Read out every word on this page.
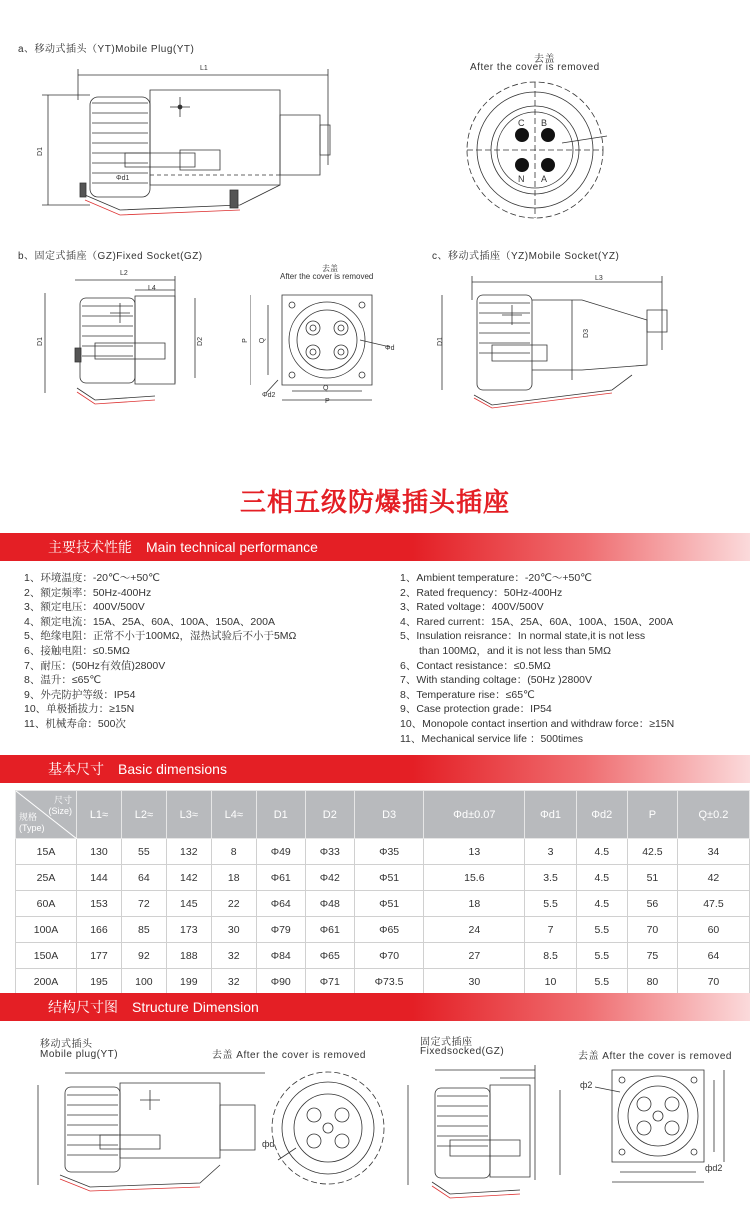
a、移动式插头（YT)Mobile Plug(YT)
L1
D1
Φd1
去盖
After the cover is removed
C B
N A
b、固定式插座（GZ)Fixed Socket(GZ)	c、移动式插座（YZ)Mobile Socket(YZ)
L2
L4
D1	D2
去盖
After the cover is removed
P Q
P
Q
Φd2
Φd
L3
D1
D3
三相五级防爆插头插座
主要技术性能 Main technical performance
1、环境温度：-20℃～+50℃
2、额定频率：50Hz-400Hz
3、额定电压：400V/500V
4、额定电流：15A、25A、60A、100A、150A、200A
5、绝缘电阻：正常不小于100MΩ，湿热试验后不小于5MΩ
6、接触电阻：≤0.5MΩ
7、耐压：(50Hz有效值)2800V
8、温升：≤65℃
9、外壳防护等级：IP54
10、单极插拔力：≥15N
11、机械寿命：500次
1、Ambient temperature：-20℃～+50℃
2、Rated frequency：50Hz-400Hz
3、Rated voltage：400V/500V
4、Rared current：15A、25A、60A、100A、150A、200A
5、Insulation reisrance：In normal state,it is not less
than 100MΩ，and it is not less than 5MΩ
6、Contact resistance：≤0.5MΩ
7、With standing coltage：(50Hz )2800V
8、Temperature rise：≤65℃
9、Case protection grade：IP54
10、Monopole contact insertion and withdraw force：≥15N
11、Mechanical service life ：500times
基本尺寸 Basic dimensions
尺寸
(Size)
规格
(Type)	L1≈	L2≈	L3≈	L4≈	D1	D2	D3	Φd±0.07	Φd1	Φd2	P	Q±0.2
15A	130	55	132	8	Φ49	Φ33	Φ35	13	3	4.5	42.5	34
25A	144	64	142	18	Φ61	Φ42	Φ51	15.6	3.5	4.5	51	42
60A	153	72	145	22	Φ64	Φ48	Φ51	18	5.5	4.5	56	47.5
100A	166	85	173	30	Φ79	Φ61	Φ65	24	7	5.5	70	60
150A	177	92	188	32	Φ84	Φ65	Φ70	27	8.5	5.5	75	64
200A	195	100	199	32	Φ90	Φ71	Φ73.5	30	10	5.5	80	70
结构尺寸图 Structure Dimension
移动式插头
Mobile plug(YT)	去盖 After the cover is removed
固定式插座
Fixedsocked(GZ)	去盖 After the cover is removed
фd
ф2
фd2
